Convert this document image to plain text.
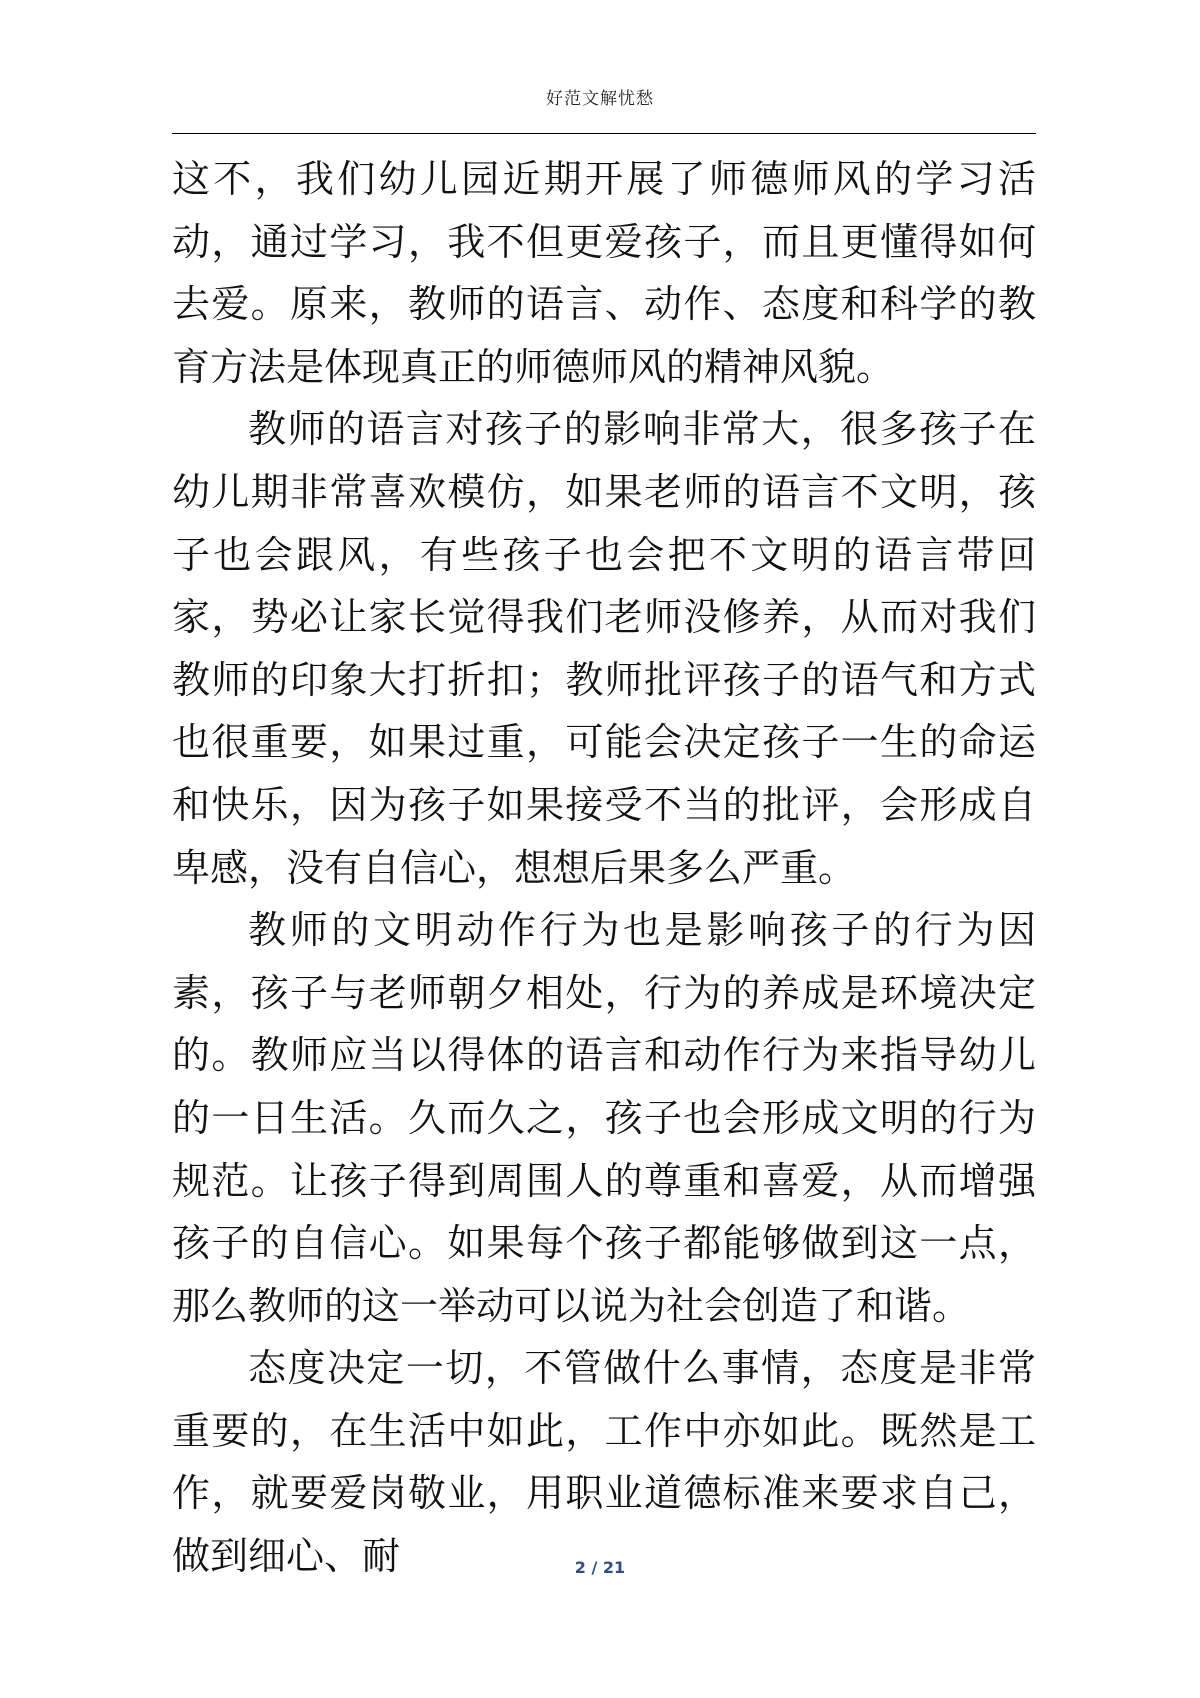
好范文解忧愁

这不，我们幼儿园近期开展了师德师风的学习活动，通过学习，我不但更爱孩子，而且更懂得如何去爱。原来，教师的语言、动作、态度和科学的教育方法是体现真正的师德师风的精神风貌。

教师的语言对孩子的影响非常大，很多孩子在幼儿期非常喜欢模仿，如果老师的语言不文明，孩子也会跟风，有些孩子也会把不文明的语言带回家，势必让家长觉得我们老师没修养，从而对我们教师的印象大打折扣；教师批评孩子的语气和方式也很重要，如果过重，可能会决定孩子一生的命运和快乐，因为孩子如果接受不当的批评，会形成自卑感，没有自信心，想想后果多么严重。

教师的文明动作行为也是影响孩子的行为因素，孩子与老师朝夕相处，行为的养成是环境决定的。教师应当以得体的语言和动作行为来指导幼儿的一日生活。久而久之，孩子也会形成文明的行为规范。让孩子得到周围人的尊重和喜爱，从而增强孩子的自信心。如果每个孩子都能够做到这一点，那么教师的这一举动可以说为社会创造了和谐。

态度决定一切，不管做什么事情，态度是非常重要的，在生活中如此，工作中亦如此。既然是工作，就要爱岗敬业，用职业道德标准来要求自己，做到细心、耐	2 / 21
